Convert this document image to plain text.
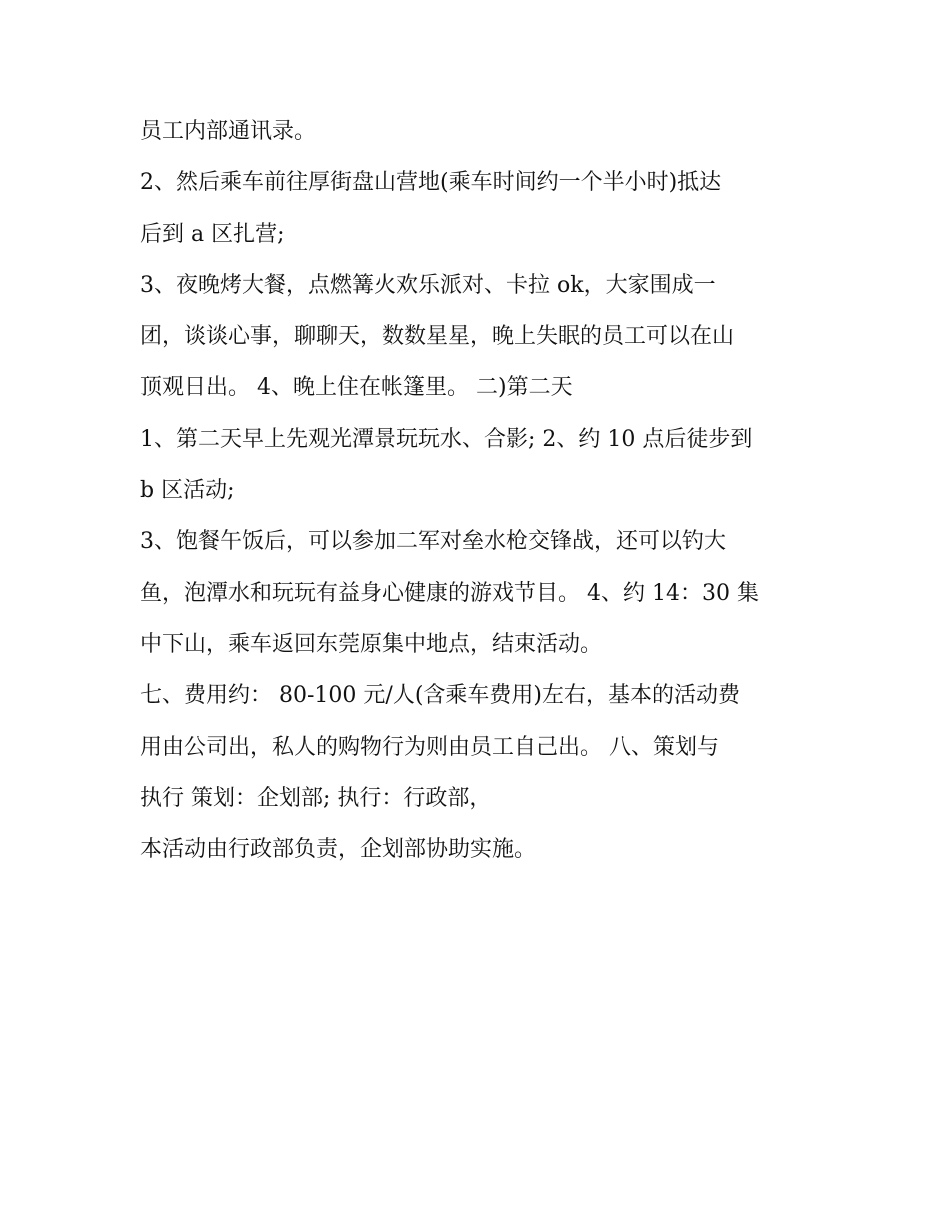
员工内部通讯录。
2、然后乘车前往厚街盘山营地(乘车时间约一个半小时)抵达
后到 a 区扎营;
3、夜晚烤大餐，点燃篝火欢乐派对、卡拉 ok，大家围成一
团，谈谈心事，聊聊天，数数星星，晚上失眠的员工可以在山
顶观日出。 4、晚上住在帐篷里。 二)第二天
1、第二天早上先观光潭景玩玩水、合影; 2、约 10 点后徒步到
b 区活动;
3、饱餐午饭后，可以参加二军对垒水枪交锋战，还可以钓大
鱼，泡潭水和玩玩有益身心健康的游戏节目。 4、约 14：30 集
中下山，乘车返回东莞原集中地点，结束活动。
七、费用约： 80-100 元/人(含乘车费用)左右，基本的活动费
用由公司出，私人的购物行为则由员工自己出。 八、策划与
执行 策划：企划部; 执行：行政部，
本活动由行政部负责，企划部协助实施。
